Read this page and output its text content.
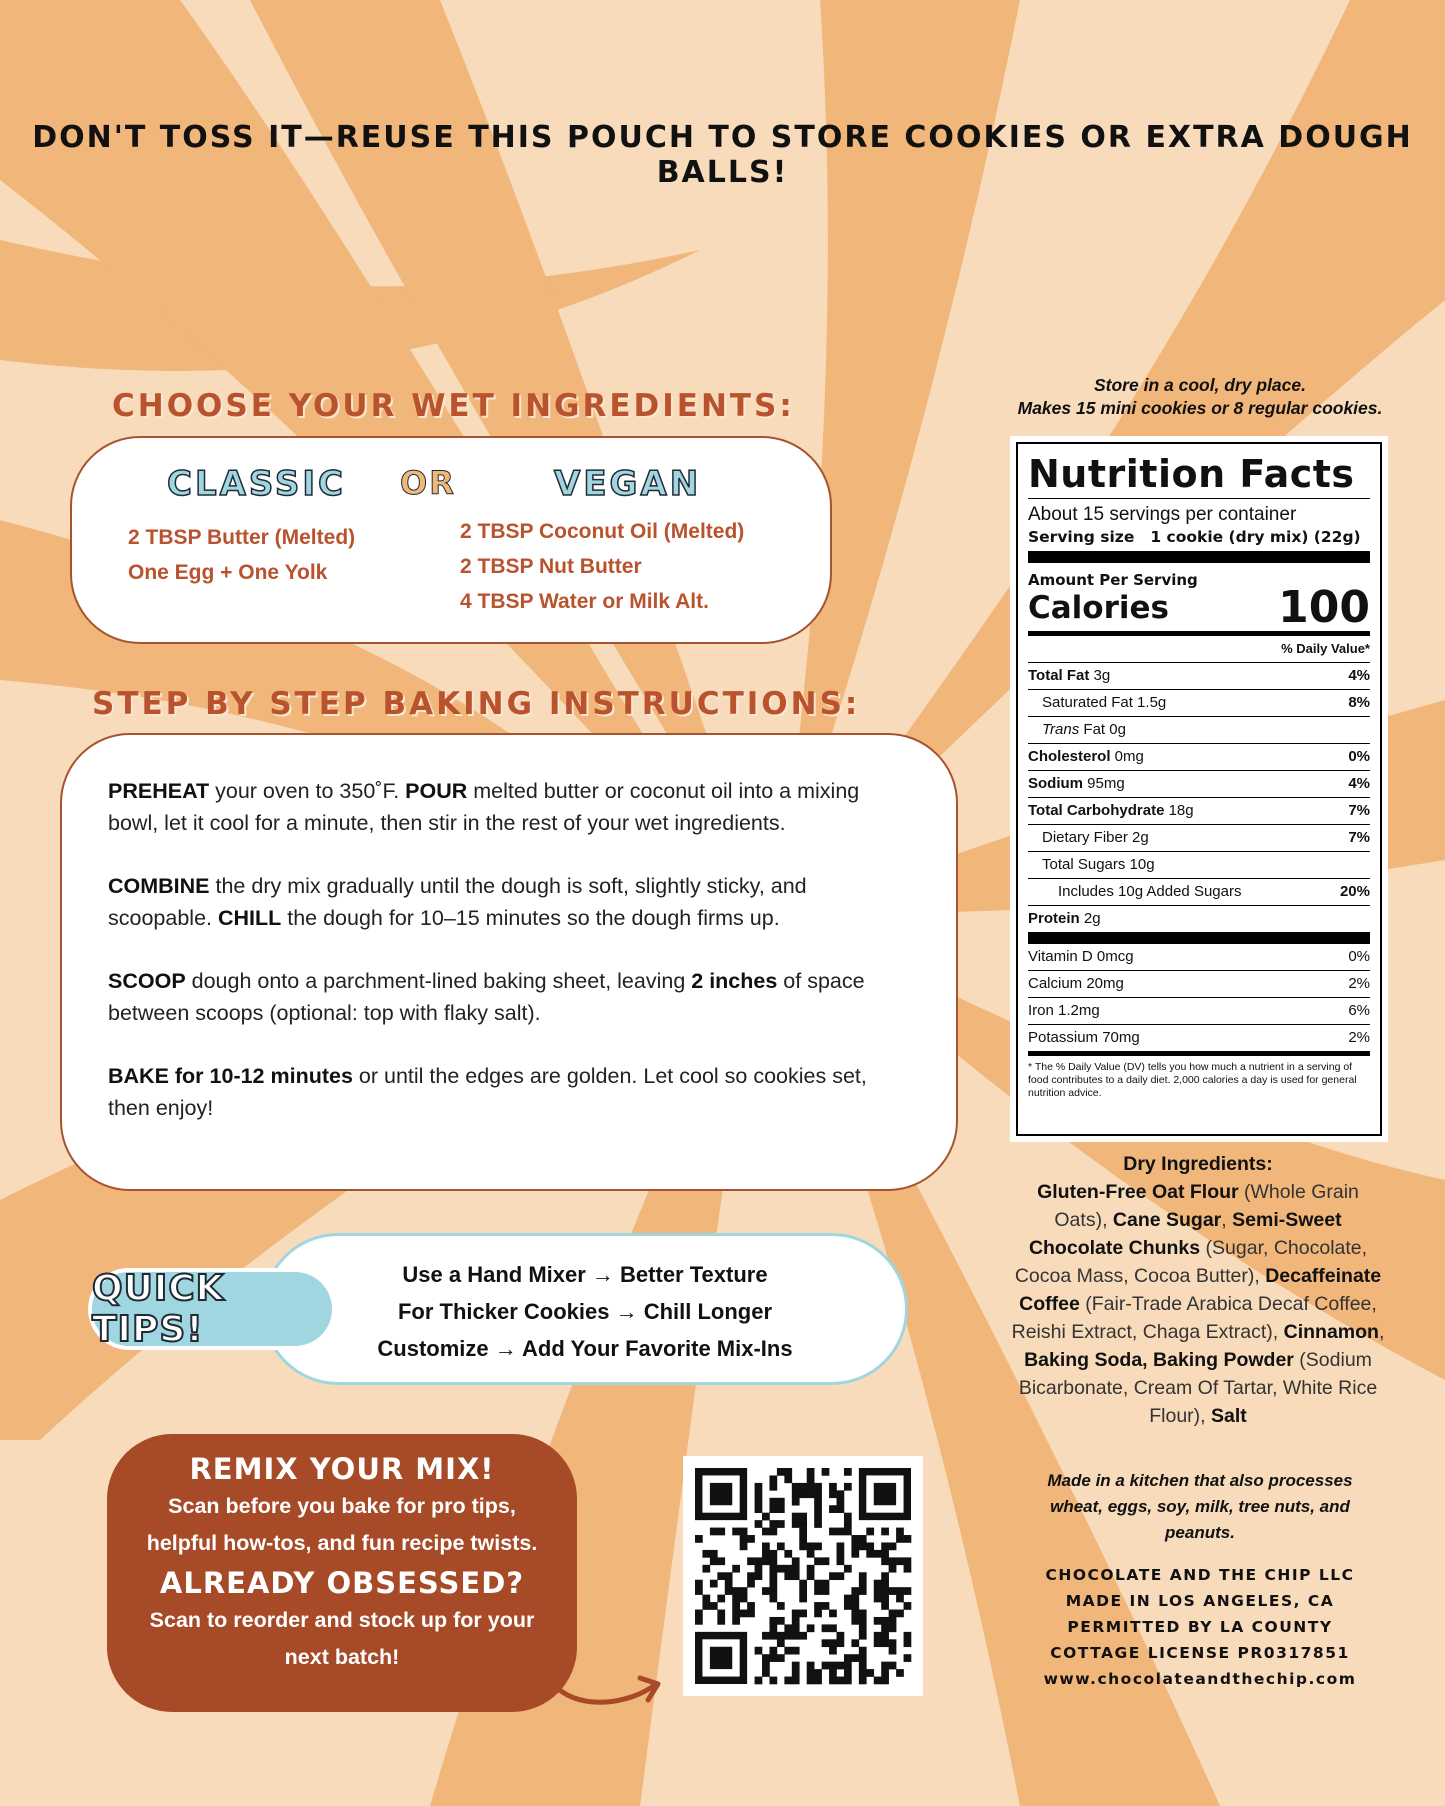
DON'T TOSS IT—REUSE THIS POUCH TO STORE COOKIES OR EXTRA DOUGH BALLS!
CHOOSE YOUR WET INGREDIENTS:
CLASSIC OR	VEGAN
2 TBSP Butter (Melted)
One Egg + One Yolk
2 TBSP Coconut Oil (Melted)
2 TBSP Nut Butter
4 TBSP Water or Milk Alt.
STEP BY STEP BAKING INSTRUCTIONS:

PREHEAT your oven to 350˚F. POUR melted butter or coconut oil into a mixing bowl, let it cool for a minute, then stir in the rest of your wet ingredients.

COMBINE the dry mix gradually until the dough is soft, slightly sticky, and scoopable. CHILL the dough for 10–15 minutes so the dough firms up.

SCOOP dough onto a parchment-lined baking sheet, leaving 2 inches of space between scoops (optional: top with flaky salt).

BAKE for 10-12 minutes or until the edges are golden. Let cool so cookies set, then enjoy!

Use a Hand Mixer → Better Texture
For Thicker Cookies → Chill Longer
Customize → Add Your Favorite Mix-Ins
QUICK TIPS!

REMIX YOUR MIX!

Scan before you bake for pro tips, helpful how-tos, and fun recipe twists.

ALREADY OBSESSED?

Scan to reorder and stock up for your next batch!

Store in a cool, dry place.
Makes 15 mini cookies or 8 regular cookies.
Nutrition Facts
About 15 servings per container
Serving size 1 cookie (dry mix) (22g)
Amount Per Serving
Calories 100
% Daily Value*
Total Fat 3g	4%
Saturated Fat 1.5g	8%
Trans Fat 0g
Cholesterol 0mg	0%
Sodium 95mg	4%
Total Carbohydrate 18g	7%
Dietary Fiber 2g	7%
Total Sugars 10g
Includes 10g Added Sugars	20%
Protein 2g
Vitamin D 0mcg	0%
Calcium 20mg	2%
Iron 1.2mg	6%
Potassium 70mg	2%
* The % Daily Value (DV) tells you how much a nutrient in a serving of food contributes to a daily diet. 2,000 calories a day is used for general nutrition advice.
Dry Ingredients:
Gluten-Free Oat Flour (Whole Grain Oats), Cane Sugar, Semi-Sweet Chocolate Chunks (Sugar, Chocolate, Cocoa Mass, Cocoa Butter), Decaffeinate Coffee (Fair-Trade Arabica Decaf Coffee, Reishi Extract, Chaga Extract), Cinnamon, Baking Soda, Baking Powder (Sodium Bicarbonate, Cream Of Tartar, White Rice Flour), Salt
Made in a kitchen that also processes wheat, eggs, soy, milk, tree nuts, and peanuts.
CHOCOLATE AND THE CHIP LLC
MADE IN LOS ANGELES, CA
PERMITTED BY LA COUNTY
COTTAGE LICENSE PR0317851
www.chocolateandthechip.com
